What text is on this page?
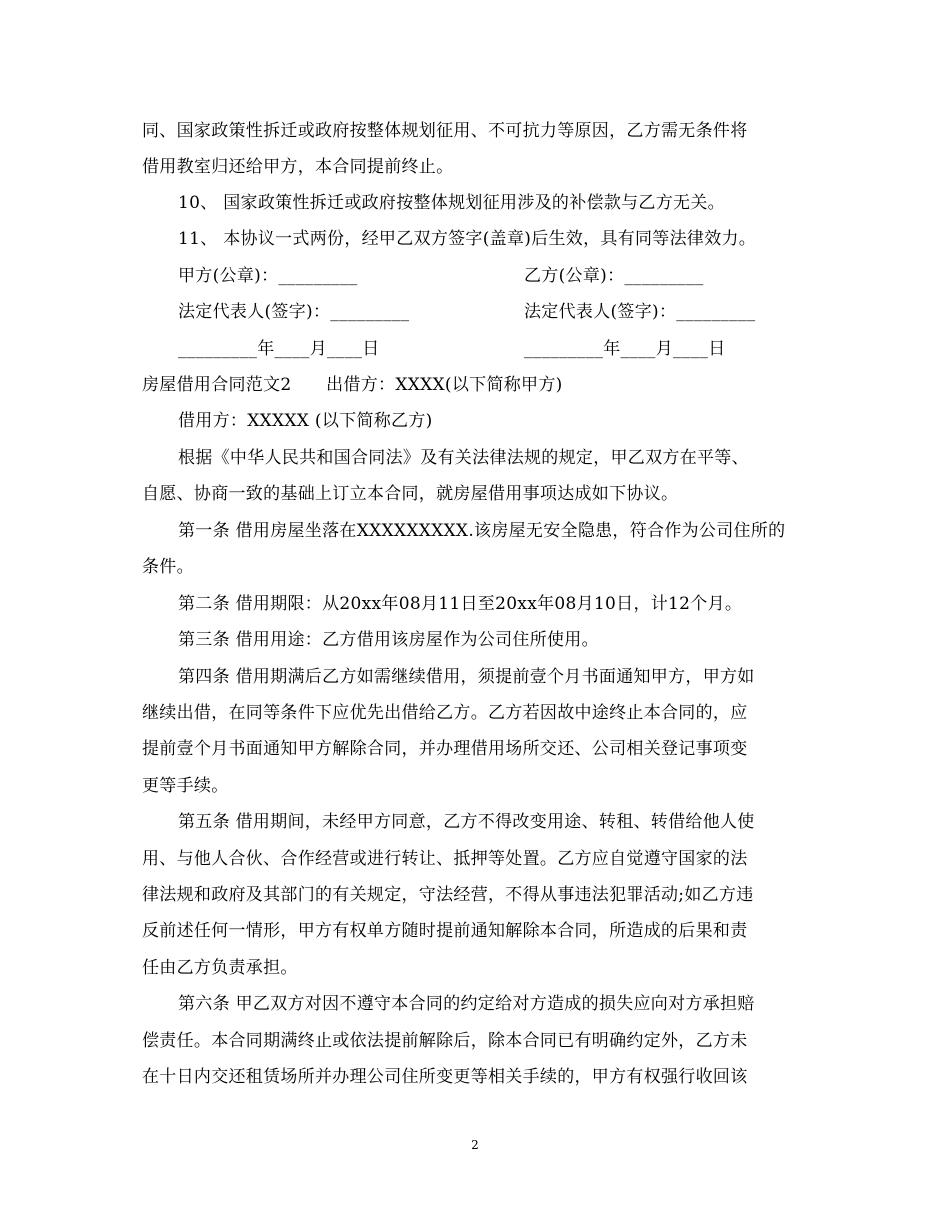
同、国家政策性拆迁或政府按整体规划征用、不可抗力等原因，乙方需无条件将
借用教室归还给甲方，本合同提前终止。
10、 国家政策性拆迁或政府按整体规划征用涉及的补偿款与乙方无关。
11、 本协议一式两份，经甲乙双方签字(盖章)后生效，具有同等法律效力。
甲方(公章)：_________	乙方(公章)：_________
法定代表人(签字)：_________	法定代表人(签字)：_________
_________年____月____日	_________年____月____日
房屋借用合同范文2　　出借方：XXXX(以下简称甲方)
借用方：XXXXX (以下简称乙方)
根据《中华人民共和国合同法》及有关法律法规的规定，甲乙双方在平等、
自愿、协商一致的基础上订立本合同，就房屋借用事项达成如下协议。
第一条 借用房屋坐落在XXXXXXXXX.该房屋无安全隐患，符合作为公司住所的
条件。
第二条 借用期限：从20xx年08月11日至20xx年08月10日，计12个月。
第三条 借用用途：乙方借用该房屋作为公司住所使用。
第四条 借用期满后乙方如需继续借用，须提前壹个月书面通知甲方，甲方如
继续出借，在同等条件下应优先出借给乙方。乙方若因故中途终止本合同的，应
提前壹个月书面通知甲方解除合同，并办理借用场所交还、公司相关登记事项变
更等手续。
第五条 借用期间，未经甲方同意，乙方不得改变用途、转租、转借给他人使
用、与他人合伙、合作经营或进行转让、抵押等处置。乙方应自觉遵守国家的法
律法规和政府及其部门的有关规定，守法经营，不得从事违法犯罪活动;如乙方违
反前述任何一情形，甲方有权单方随时提前通知解除本合同，所造成的后果和责
任由乙方负责承担。
第六条 甲乙双方对因不遵守本合同的约定给对方造成的损失应向对方承担赔
偿责任。本合同期满终止或依法提前解除后，除本合同已有明确约定外，乙方未
在十日内交还租赁场所并办理公司住所变更等相关手续的，甲方有权强行收回该
2
